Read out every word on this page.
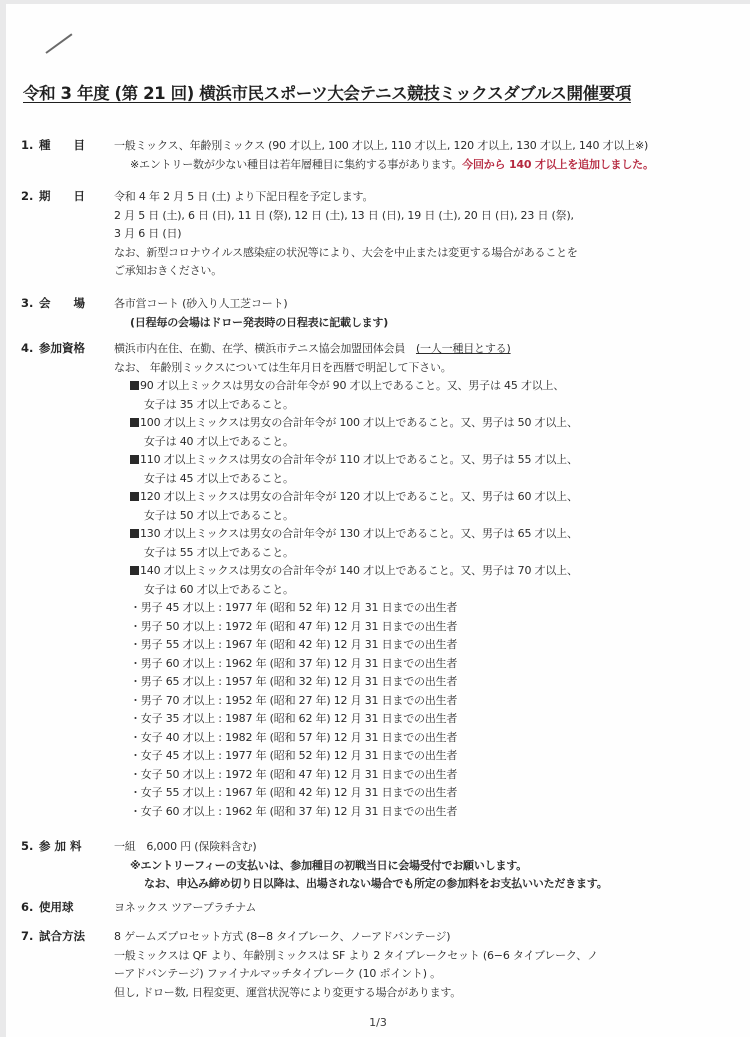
令和 3 年度 (第 21 回) 横浜市民スポーツ大会テニス競技ミックスダブルス開催要項
1. 種　　目	一般ミックス、年齢別ミックス (90 才以上, 100 才以上, 110 才以上, 120 才以上, 130 才以上, 140 才以上※)
※エントリー数が少ない種目は若年層種目に集約する事があります。今回から 140 才以上を追加しました。
2. 期　　日	令和 4 年 2 月 5 日 (土) より下記日程を予定します。
2 月 5 日 (土), 6 日 (日), 11 日 (祭), 12 日 (土), 13 日 (日), 19 日 (土), 20 日 (日), 23 日 (祭),
3 月 6 日 (日)
なお、新型コロナウイルス感染症の状況等により、大会を中止または変更する場合があることを
ご承知おきください。
3. 会　　場	各市営コート (砂入り人工芝コート)
(日程毎の会場はドロー発表時の日程表に記載します)
4. 参加資格	横浜市内在住、在勤、在学、横浜市テニス協会加盟団体会員　(一人一種目とする)
なお、 年齢別ミックスについては生年月日を西暦で明記して下さい。
90 才以上ミックスは男女の合計年令が 90 才以上であること。又、男子は 45 才以上、
女子は 35 才以上であること。
100 才以上ミックスは男女の合計年令が 100 才以上であること。又、男子は 50 才以上、
女子は 40 才以上であること。
110 才以上ミックスは男女の合計年令が 110 才以上であること。又、男子は 55 才以上、
女子は 45 才以上であること。
120 才以上ミックスは男女の合計年令が 120 才以上であること。又、男子は 60 才以上、
女子は 50 才以上であること。
130 才以上ミックスは男女の合計年令が 130 才以上であること。又、男子は 65 才以上、
女子は 55 才以上であること。
140 才以上ミックスは男女の合計年令が 140 才以上であること。又、男子は 70 才以上、
女子は 60 才以上であること。
・男子 45 才以上 : 1977 年 (昭和 52 年) 12 月 31 日までの出生者
・男子 50 才以上 : 1972 年 (昭和 47 年) 12 月 31 日までの出生者
・男子 55 才以上 : 1967 年 (昭和 42 年) 12 月 31 日までの出生者
・男子 60 才以上 : 1962 年 (昭和 37 年) 12 月 31 日までの出生者
・男子 65 才以上 : 1957 年 (昭和 32 年) 12 月 31 日までの出生者
・男子 70 才以上 : 1952 年 (昭和 27 年) 12 月 31 日までの出生者
・女子 35 才以上 : 1987 年 (昭和 62 年) 12 月 31 日までの出生者
・女子 40 才以上 : 1982 年 (昭和 57 年) 12 月 31 日までの出生者
・女子 45 才以上 : 1977 年 (昭和 52 年) 12 月 31 日までの出生者
・女子 50 才以上 : 1972 年 (昭和 47 年) 12 月 31 日までの出生者
・女子 55 才以上 : 1967 年 (昭和 42 年) 12 月 31 日までの出生者
・女子 60 才以上 : 1962 年 (昭和 37 年) 12 月 31 日までの出生者
5. 参 加 料	一組　6,000 円 (保険料含む)
※エントリーフィーの支払いは、参加種目の初戦当日に会場受付でお願いします。
なお、申込み締め切り日以降は、出場されない場合でも所定の参加料をお支払いいただきます。
6. 使用球	ヨネックス ツアープラチナム
7. 試合方法	8 ゲームズプロセット方式 (8−8 タイブレーク、ノーアドバンテージ)
一般ミックスは QF より、年齢別ミックスは SF より 2 タイブレークセット (6−6 タイブレーク、ノ
ーアドバンテージ) ファイナルマッチタイブレーク (10 ポイント) 。
但し, ドロー数, 日程変更、運営状況等により変更する場合があります。
1/3
